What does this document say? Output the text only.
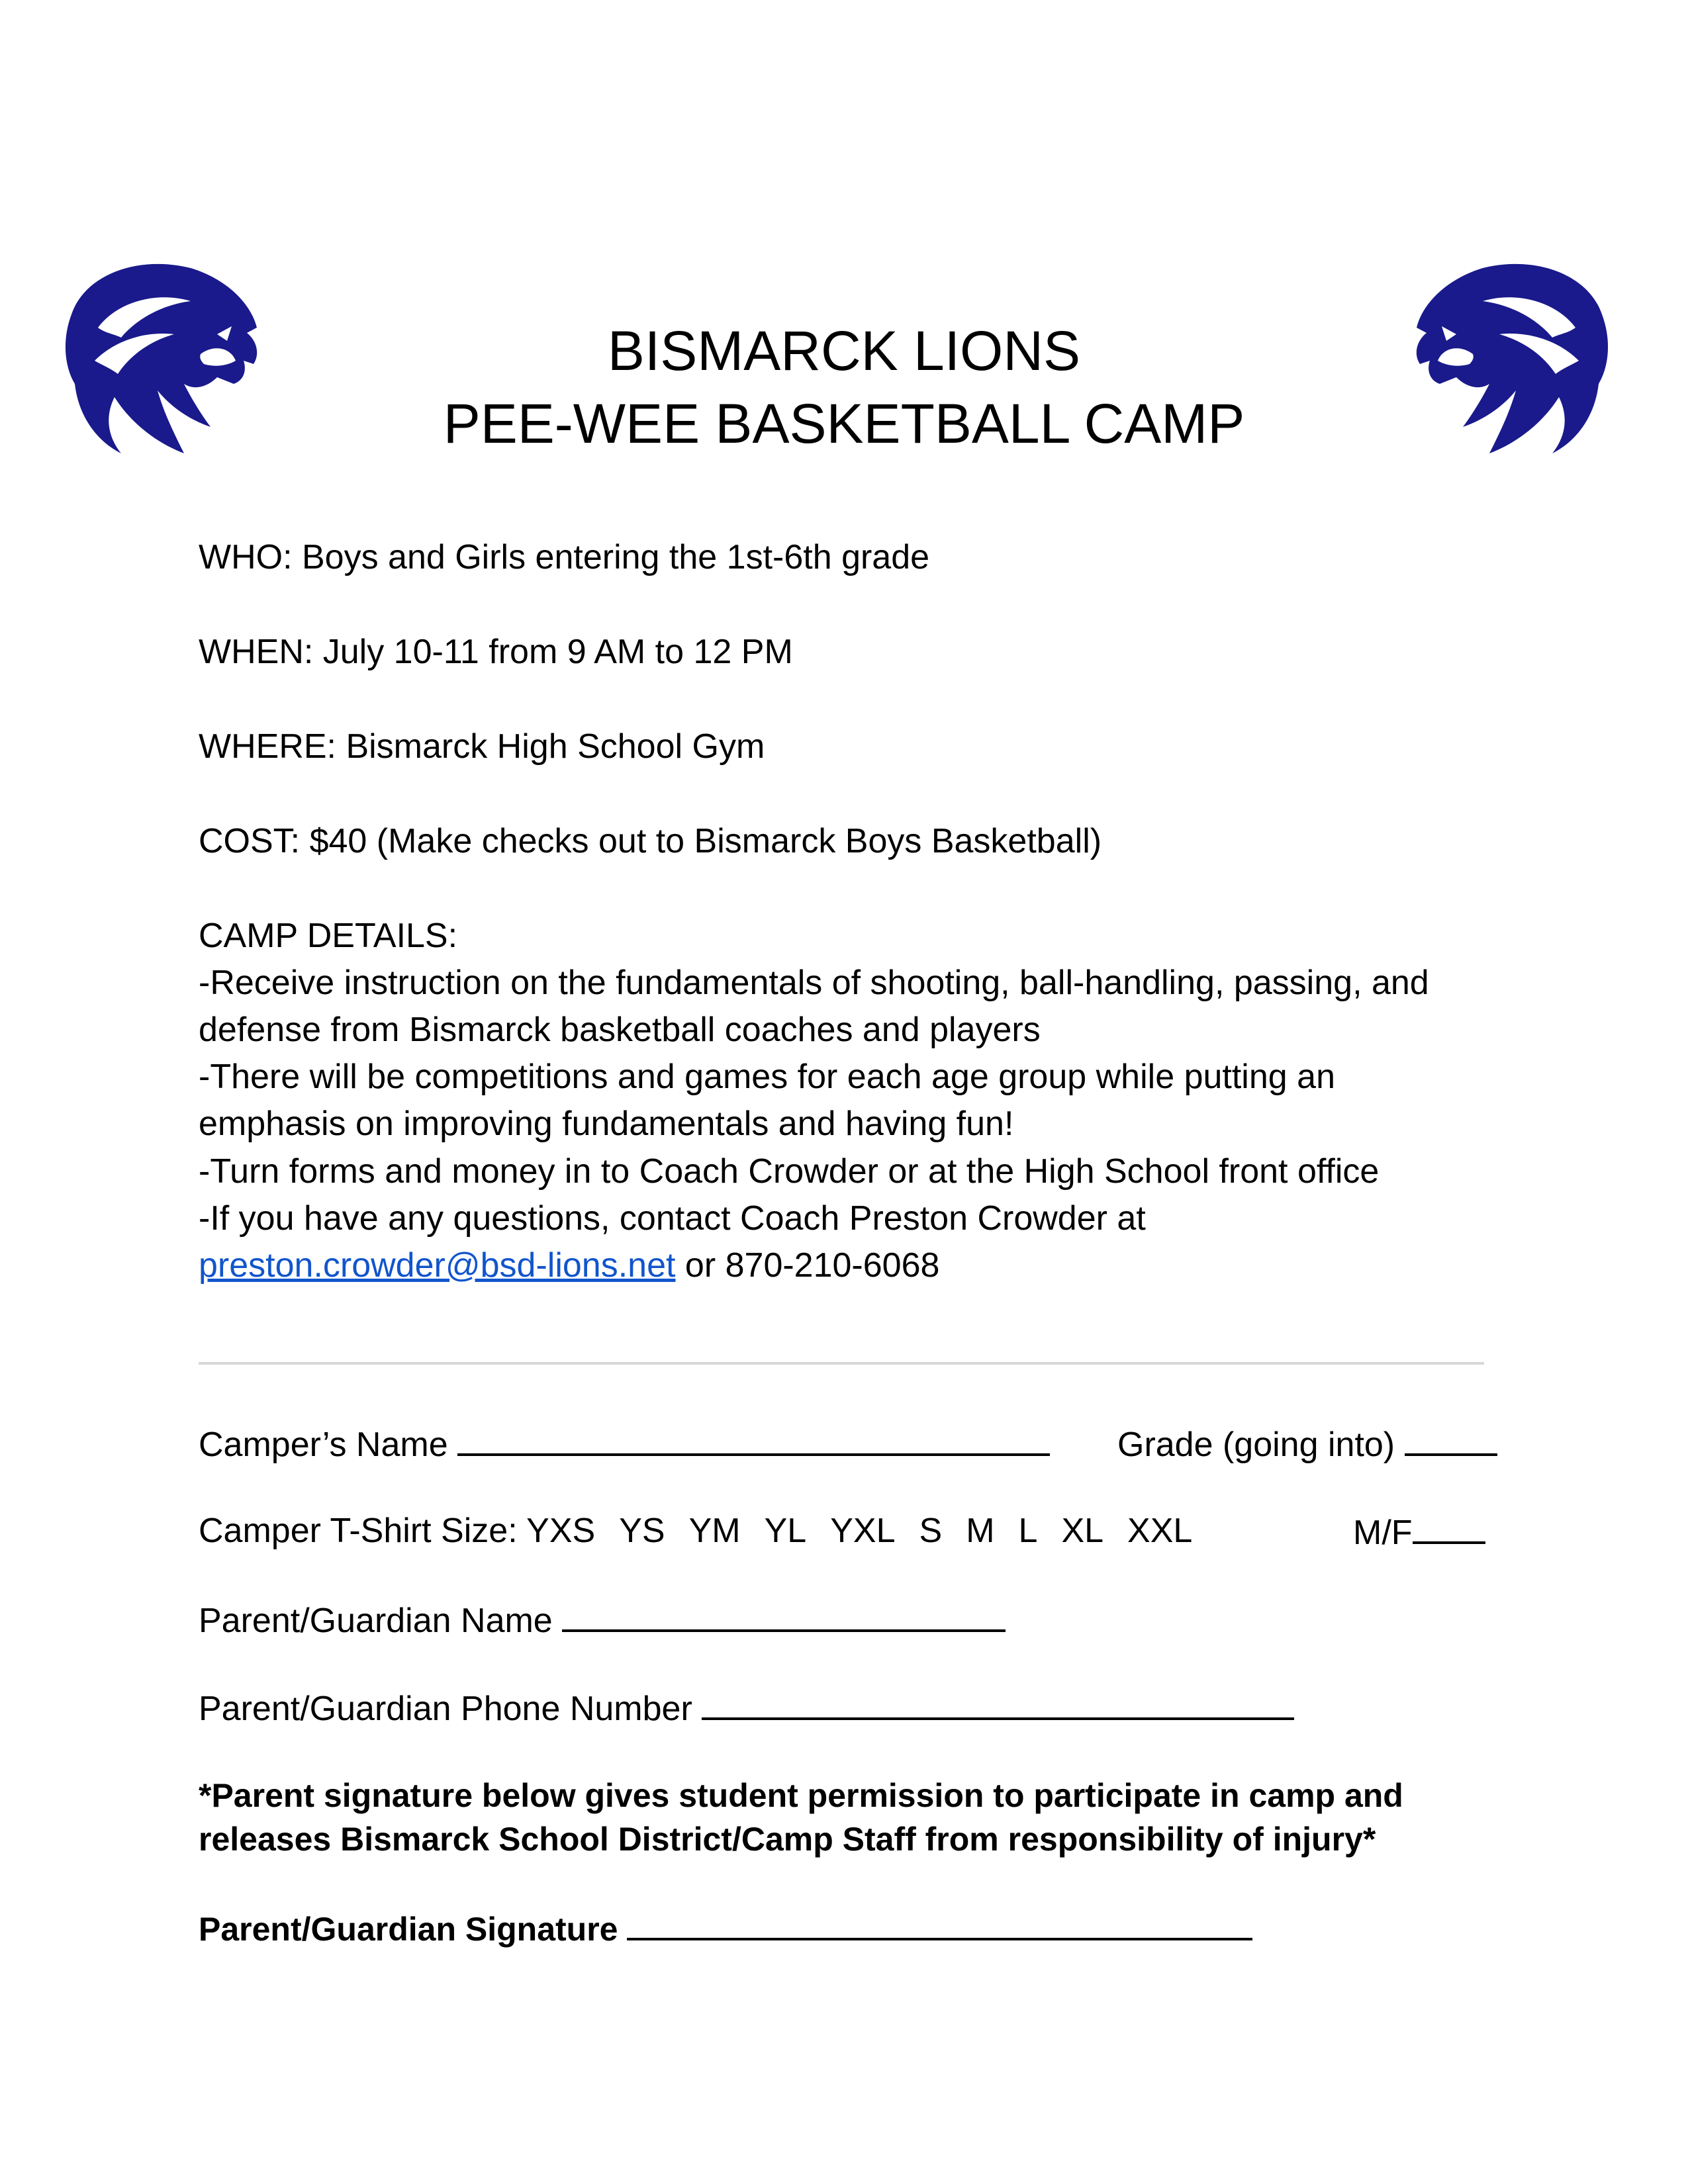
BISMARCK LIONS
PEE-WEE BASKETBALL CAMP
WHO: Boys and Girls entering the 1st-6th grade
WHEN: July 10-11 from 9 AM to 12 PM
WHERE: Bismarck High School Gym
COST: $40 (Make checks out to Bismarck Boys Basketball)
CAMP DETAILS:
-Receive instruction on the fundamentals of shooting, ball-handling, passing, and
defense from Bismarck basketball coaches and players
-There will be competitions and games for each age group while putting an
emphasis on improving fundamentals and having fun!
-Turn forms and money in to Coach Crowder or at the High School front office
-If you have any questions, contact Coach Preston Crowder at
preston.crowder@bsd-lions.net or 870-210-6068
Camper’s Name	Grade (going into)
Camper T-Shirt Size: YXS YS YM YL YXL S M L XL XXL	M/F
Parent/Guardian Name
Parent/Guardian Phone Number
*Parent signature below gives student permission to participate in camp and
releases Bismarck School District/Camp Staff from responsibility of injury*
Parent/Guardian Signature
